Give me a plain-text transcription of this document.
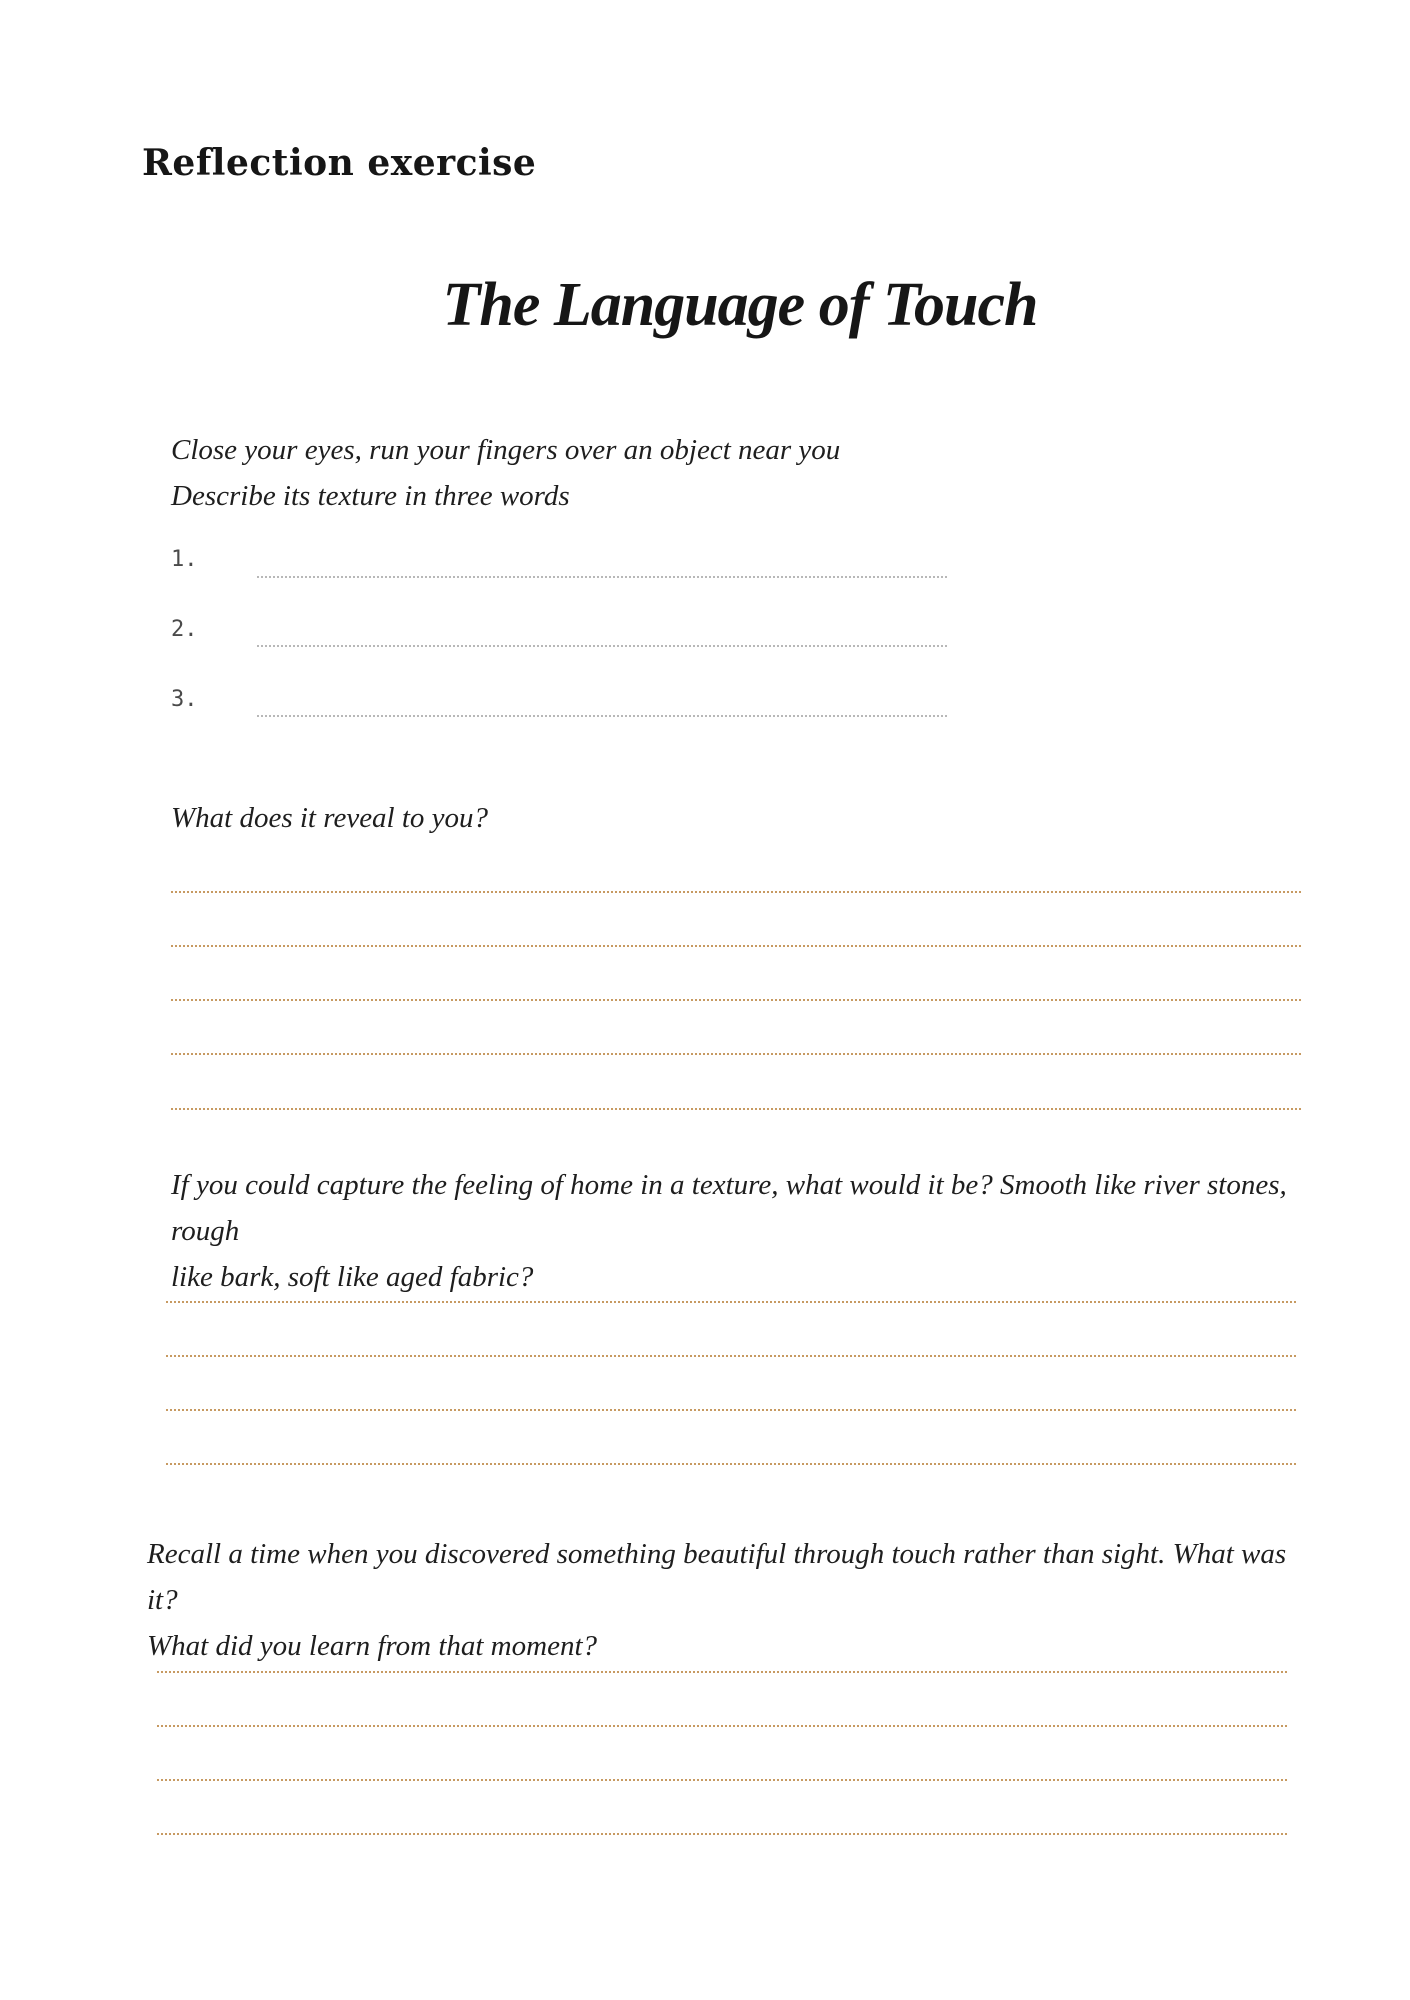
Reflection exercise
The Language of Touch

Close your eyes, run your fingers over an object near you

Describe its texture in three words

1.
2.
3.

What does it reveal to you?

If you could capture the feeling of home in a texture, what would it be? Smooth like river stones, rough

like bark, soft like aged fabric?

Recall a time when you discovered something beautiful through touch rather than sight. What was it?

What did you learn from that moment?
